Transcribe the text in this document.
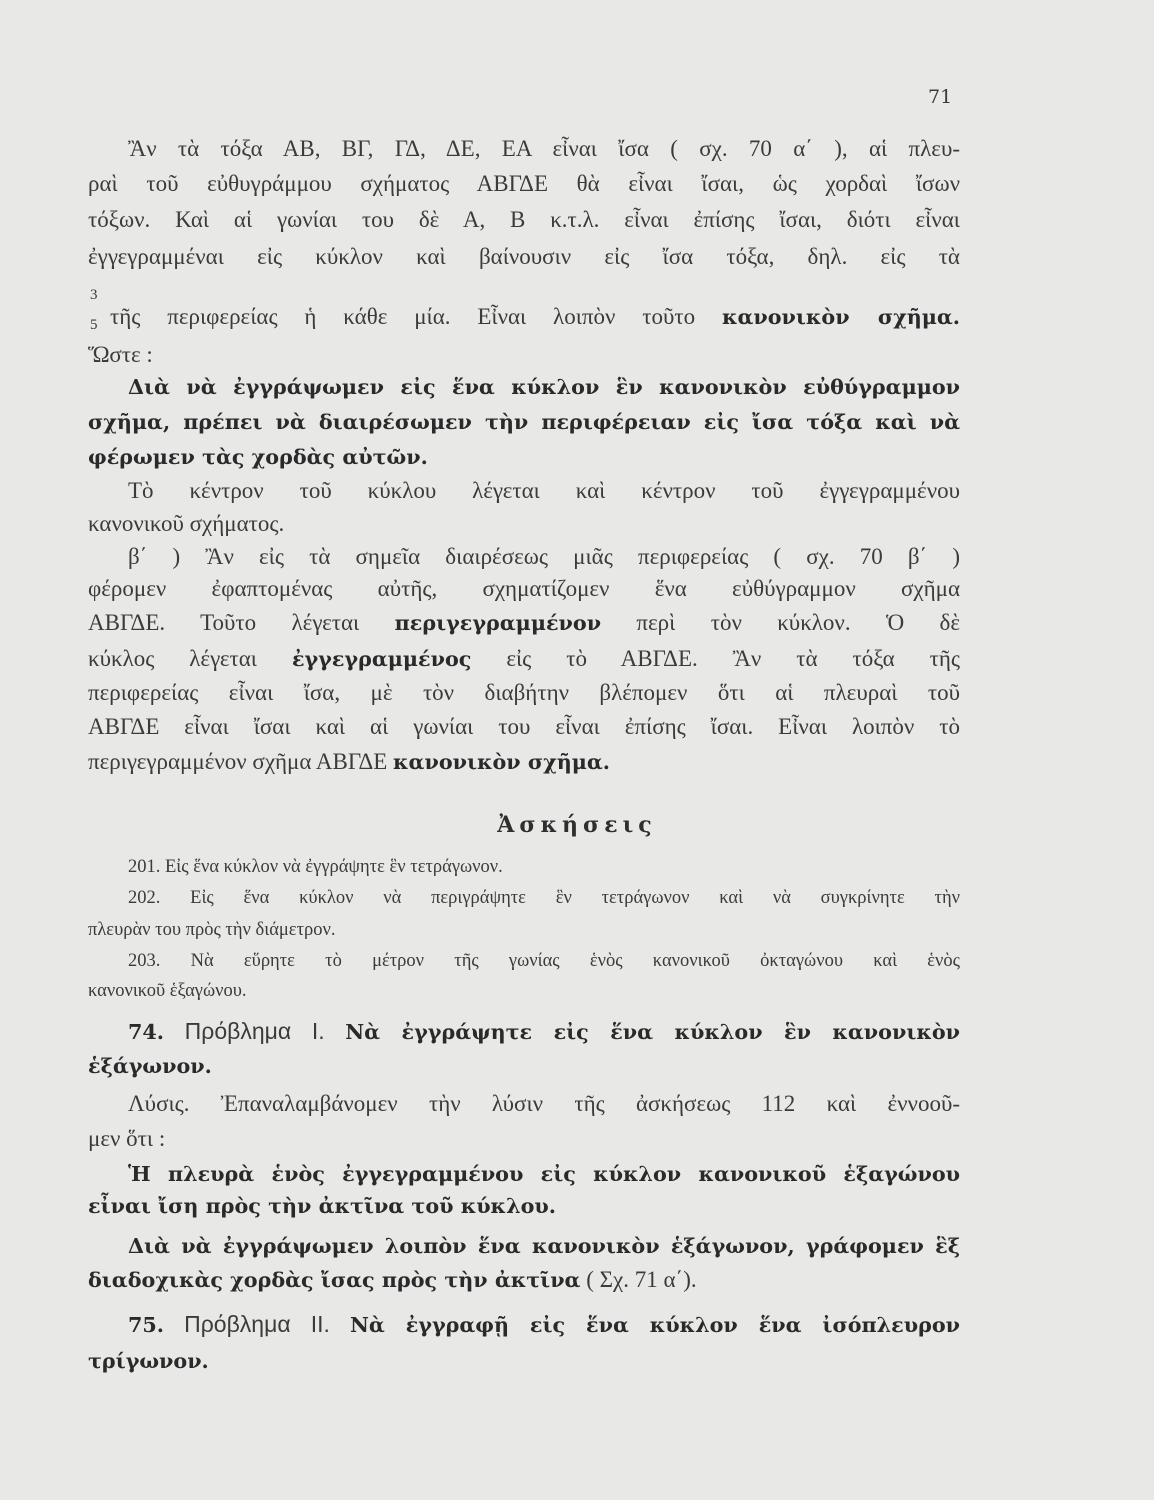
71
Ἀσκήσεις
Ἂν τὰ τόξα ΑΒ, ΒΓ, ΓΔ, ΔΕ, ΕΑ εἶναι ἴσα ( σχ. 70 α΄ ), αἱ πλευ-
ραὶ τοῦ εὐθυγράμμου σχήματος ΑΒΓΔΕ θὰ εἶναι ἴσαι, ὡς χορδαὶ ἴσων
τόξων. Καὶ αἱ γωνίαι του δὲ Α, Β κ.τ.λ. εἶναι ἐπίσης ἴσαι, διότι εἶναι
ἐγγεγραμμέναι εἰς κύκλον καὶ βαίνουσιν εἰς ἴσα τόξα, δηλ. εἰς τὰ
3
5 τῆς περιφερείας ἡ κάθε μία. Εἶναι λοιπὸν τοῦτο κανονικὸν σχῆμα.
Ὥστε :
Διὰ νὰ ἐγγράψωμεν εἰς ἕνα κύκλον ἓν κανονικὸν εὐθύγραμμον
σχῆμα, πρέπει νὰ διαιρέσωμεν τὴν περιφέρειαν εἰς ἴσα τόξα καὶ νὰ
φέρωμεν τὰς χορδὰς αὐτῶν.
Τὸ κέντρον τοῦ κύκλου λέγεται καὶ κέντρον τοῦ ἐγγεγραμμένου
κανονικοῦ σχήματος.
β΄ ) Ἂν εἰς τὰ σημεῖα διαιρέσεως μιᾶς περιφερείας ( σχ. 70 β΄ )
φέρομεν ἐφαπτομένας αὐτῆς, σχηματίζομεν ἕνα εὐθύγραμμον σχῆμα
ΑΒΓΔΕ. Τοῦτο λέγεται περιγεγραμμένον περὶ τὸν κύκλον. Ὁ δὲ
κύκλος λέγεται ἐγγεγραμμένος εἰς τὸ ΑΒΓΔΕ. Ἂν τὰ τόξα τῆς
περιφερείας εἶναι ἴσα, μὲ τὸν διαβήτην βλέπομεν ὅτι αἱ πλευραὶ τοῦ
ΑΒΓΔΕ εἶναι ἴσαι καὶ αἱ γωνίαι του εἶναι ἐπίσης ἴσαι. Εἶναι λοιπὸν τὸ
περιγεγραμμένον σχῆμα ΑΒΓΔΕ κανονικὸν σχῆμα.
201. Εἰς ἕνα κύκλον νὰ ἐγγράψητε ἓν τετράγωνον.
202. Εἰς ἕνα κύκλον νὰ περιγράψητε ἓν τετράγωνον καὶ νὰ συγκρίνητε τὴν
πλευρὰν του πρὸς τὴν διάμετρον.
203. Νὰ εὕρητε τὸ μέτρον τῆς γωνίας ἑνὸς κανονικοῦ ὀκταγώνου καὶ ἑνὸς
κανονικοῦ ἑξαγώνου.
74. Πρόβλημα Ι. Νὰ ἐγγράψητε εἰς ἕνα κύκλον ἓν κανονικὸν
ἑξάγωνον.
Λύσις. Ἐπαναλαμβάνομεν τὴν λύσιν τῆς ἀσκήσεως 112 καὶ ἐννοοῦ-
μεν ὅτι :
Ἡ πλευρὰ ἑνὸς ἐγγεγραμμένου εἰς κύκλον κανονικοῦ ἑξαγώνου
εἶναι ἴση πρὸς τὴν ἀκτῖνα τοῦ κύκλου.
Διὰ νὰ ἐγγράψωμεν λοιπὸν ἕνα κανονικὸν ἑξάγωνον, γράφομεν ἓξ
διαδοχικὰς χορδὰς ἴσας πρὸς τὴν ἀκτῖνα ( Σχ. 71 α΄).
75. Πρόβλημα ΙΙ. Νὰ ἐγγραφῇ εἰς ἕνα κύκλον ἕνα ἰσόπλευρον
τρίγωνον.
